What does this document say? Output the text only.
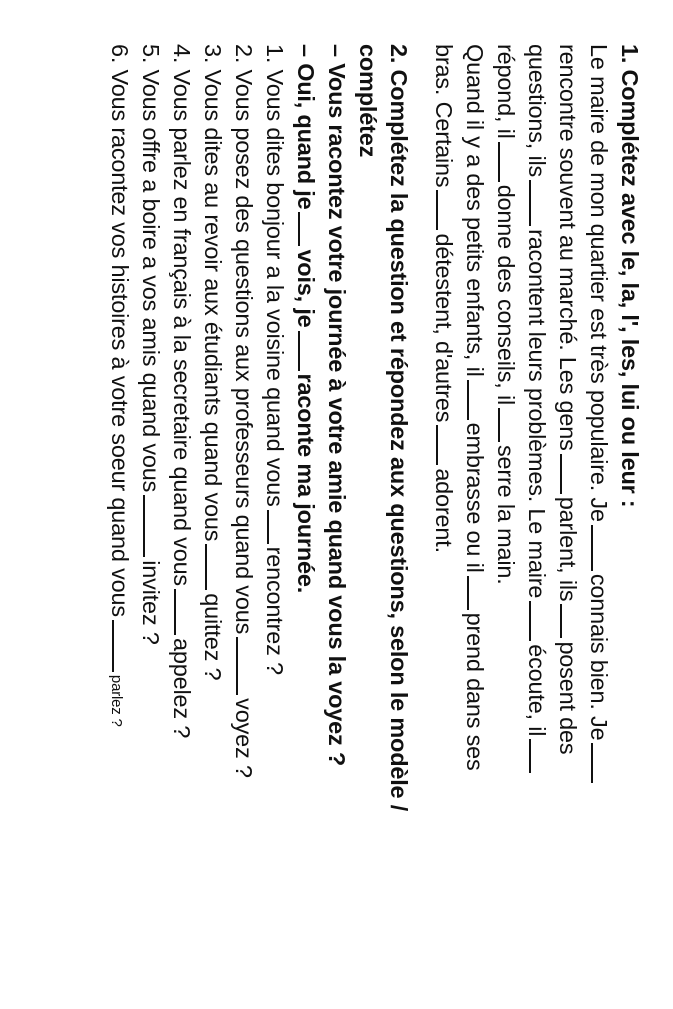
1. Complétez avec le, la, l', les, lui ou leur :
Le maire de mon quartier est très populaire. Jeconnais bien. Je
rencontre souvent au marché. Les gensparlent, ilsposent des
questions, ilsracontent leurs problèmes. Le maireécoute, il
répond, ildonne des conseils, ilserre la main.
Quand il y a des petits enfants, ilembrasse ou ilprend dans ses
bras. Certainsdétestent, d'autresadorent.
2. Complétez la question et répondez aux questions, selon le modèle /
complétez
– Vous racontez votre journée à votre amie quand vous la voyez ?
– Oui, quand jevois, jeraconte ma journée.
1. Vous dites bonjour a la voisine quand vousrencontrez ?
2. Vous posez des questions aux professeurs quand vousvoyez ?
3. Vous dites au revoir aux étudiants quand vousquittez ?
4. Vous parlez en français à la secretaire quand vousappelez ?
5. Vous offre a boire a vos amis quand vousinvitez ?
6. Vous racontez vos histoires à votre soeur quand vousparlez ?
